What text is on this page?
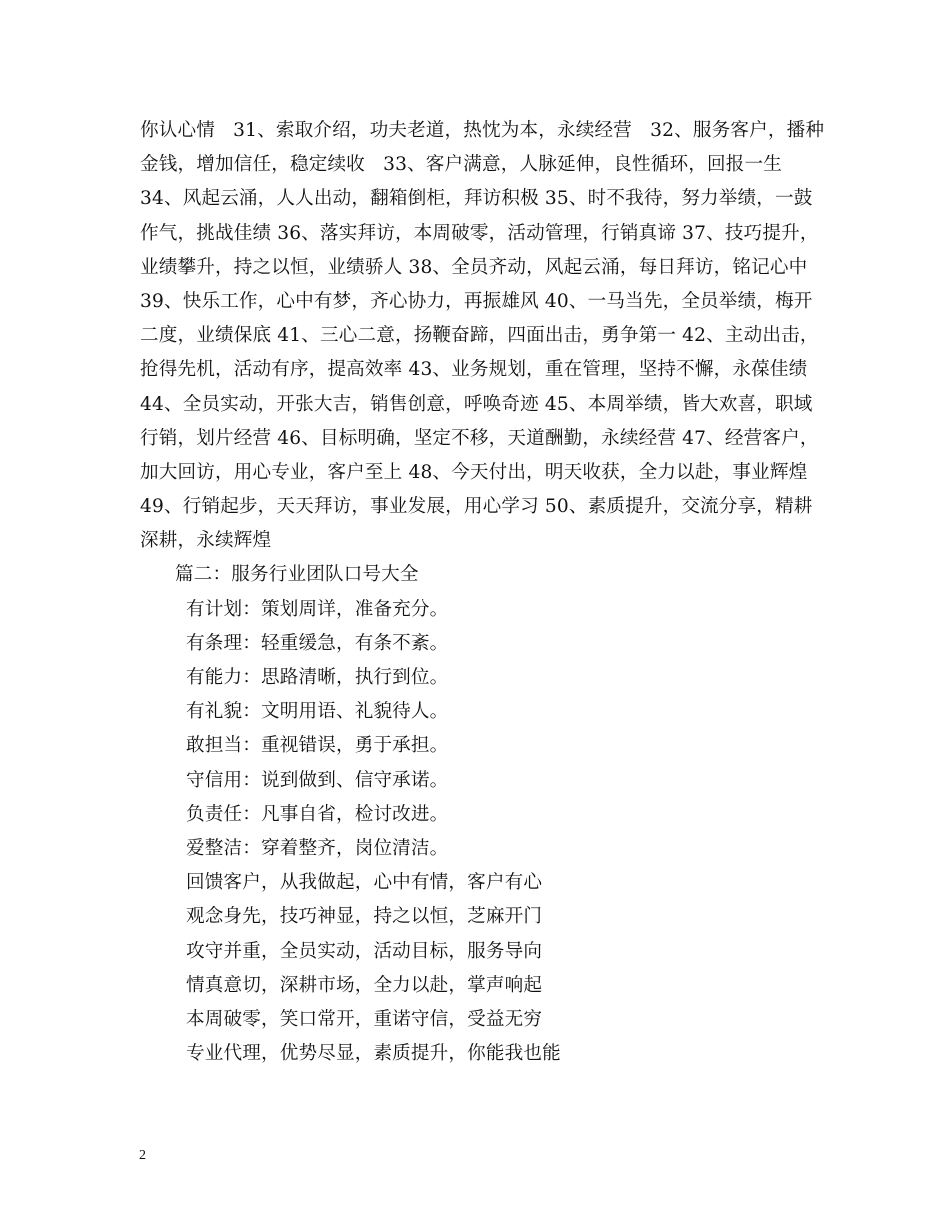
你认心情   31、索取介绍，功夫老道，热忱为本，永续经营   32、服务客户，播种
金钱，增加信任，稳定续收   33、客户满意，人脉延伸，良性循环，回报一生
34、风起云涌，人人出动，翻箱倒柜，拜访积极 35、时不我待，努力举绩，一鼓
作气，挑战佳绩 36、落实拜访，本周破零，活动管理，行销真谛 37、技巧提升，
业绩攀升，持之以恒，业绩骄人 38、全员齐动，风起云涌，每日拜访，铭记心中
39、快乐工作，心中有梦，齐心协力，再振雄风 40、一马当先，全员举绩，梅开
二度，业绩保底 41、三心二意，扬鞭奋蹄，四面出击，勇争第一 42、主动出击，
抢得先机，活动有序，提高效率 43、业务规划，重在管理，坚持不懈，永葆佳绩
44、全员实动，开张大吉，销售创意，呼唤奇迹 45、本周举绩，皆大欢喜，职域
行销，划片经营 46、目标明确，坚定不移，天道酬勤，永续经营 47、经营客户，
加大回访，用心专业，客户至上 48、今天付出，明天收获，全力以赴，事业辉煌
49、行销起步，天天拜访，事业发展，用心学习 50、素质提升，交流分享，精耕
深耕，永续辉煌
篇二：服务行业团队口号大全
有计划：策划周详，准备充分。
有条理：轻重缓急，有条不紊。
有能力：思路清晰，执行到位。
有礼貌：文明用语、礼貌待人。
敢担当：重视错误，勇于承担。
守信用：说到做到、信守承诺。
负责任：凡事自省，检讨改进。
爱整洁：穿着整齐，岗位清洁。
回馈客户，从我做起，心中有情，客户有心
观念身先，技巧神显，持之以恒，芝麻开门
攻守并重，全员实动，活动目标，服务导向
情真意切，深耕市场，全力以赴，掌声响起
本周破零，笑口常开，重诺守信，受益无穷
专业代理，优势尽显，素质提升，你能我也能
2
